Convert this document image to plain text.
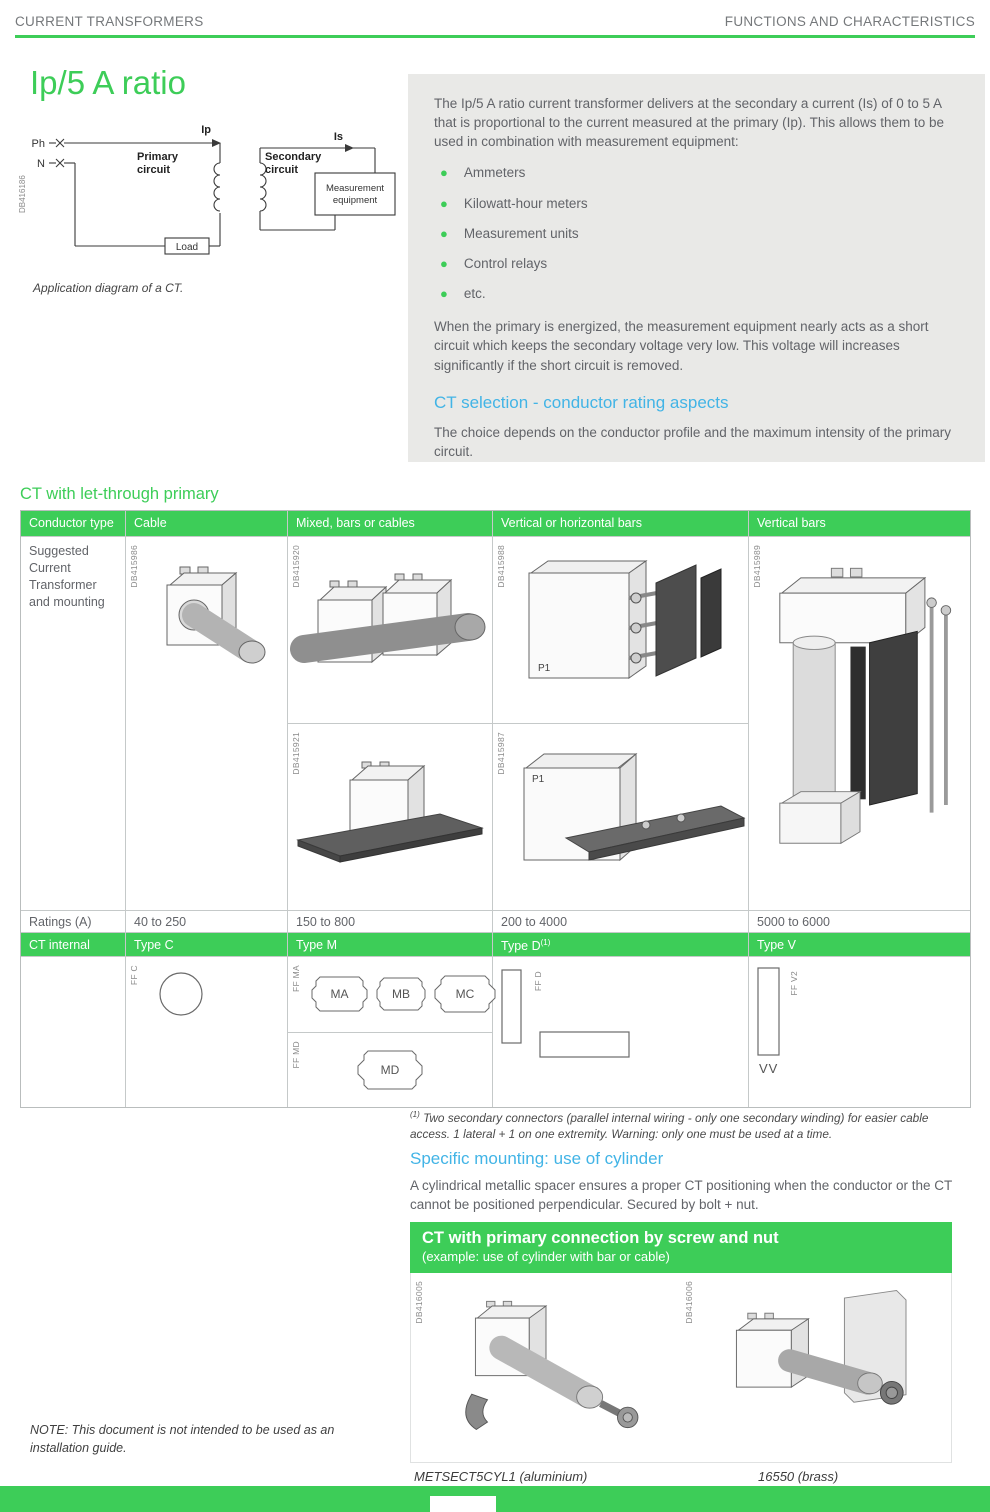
CURRENT TRANSFORMERS	FUNCTIONS AND CHARACTERISTICS
Ip/5 A ratio
DB416186
Ph
N
Ip
Is
Primary
circuit
Secondary
circuit
Measurement
equipment
Load
Application diagram of a CT.

The Ip/5 A ratio current transformer delivers at the secondary a current (Is) of 0 to 5 A that is proportional to the current measured at the primary (Ip). This allows them to be used in combination with measurement equipment:

● Ammeters
● Kilowatt-hour meters
● Measurement units
● Control relays
● etc.

When the primary is energized, the measurement equipment nearly acts as a short circuit which keeps the secondary voltage very low. This voltage will increases significantly if the short circuit is removed.

CT selection - conductor rating aspects

The choice depends on the conductor profile and the maximum intensity of the primary circuit.

CT with let-through primary
Conductor type	Cable	Mixed, bars or cables	Vertical or horizontal bars	Vertical bars
Suggested Current Transformer and mounting
DB415986	DB415920
DB415921
DB415988
P1
DB415987
P1
DB415989
Ratings (A)	40 to 250	150 to 800	200 to 4000	5000 to 6000
CT internal	Type C	Type M	Type $D^{(1)}$	Type V
FF C	FF MA
MA	MB	MC
FF MD
MD
FF D	FF V2
VV

$^{(1)}$ Two secondary connectors (parallel internal wiring - only one secondary winding) for easier cable access. 1 lateral + 1 on one extremity. Warning: only one must be used at a time.

Specific mounting: use of cylinder

A cylindrical metallic spacer ensures a proper CT positioning when the conductor or the CT cannot be positioned perpendicular. Secured by bolt + nut.

CT with primary connection by screw and nut
(example: use of cylinder with bar or cable)
DB416005	DB416006
METSECT5CYL1 (aluminium)	16550 (brass)

NOTE: This document is not intended to be used as an installation guide.
